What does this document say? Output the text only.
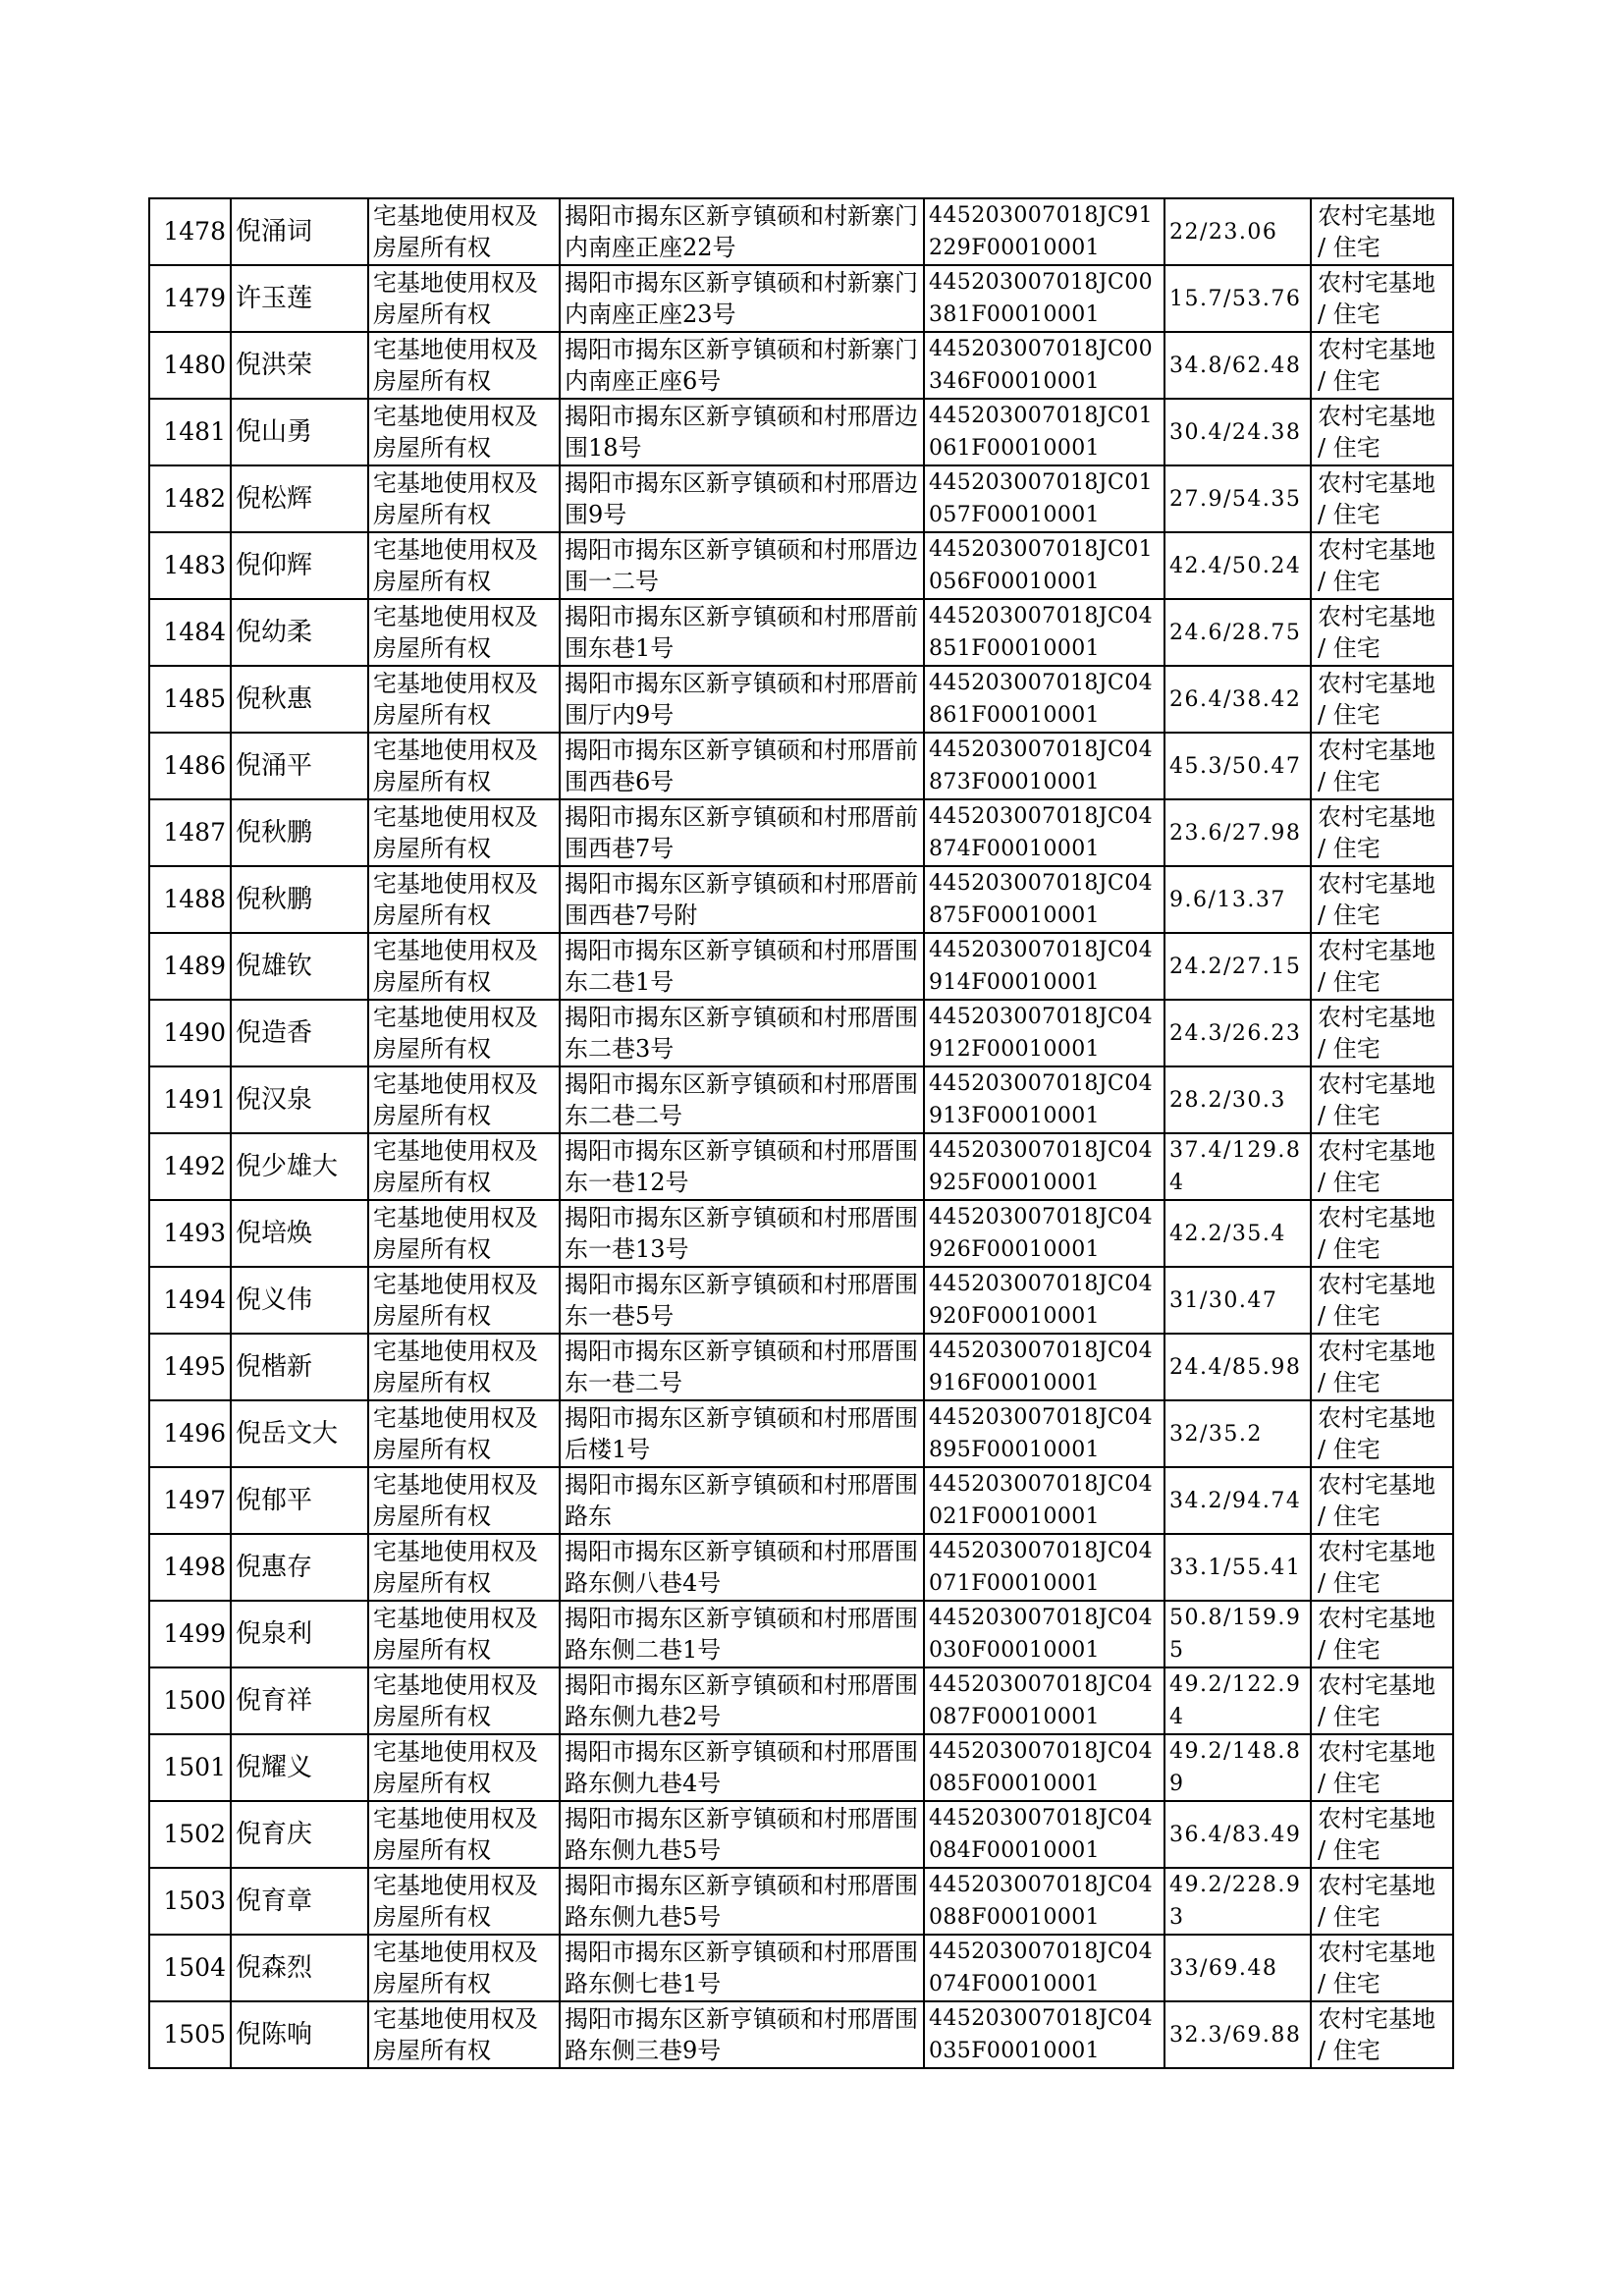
1478	倪涌词	宅基地使用权及房屋所有权	揭阳市揭东区新亨镇硕和村新寨门内南座正座22号	445203007018JC91229F00010001	22/23.06	农村宅基地 / 住宅
1479	许玉莲	宅基地使用权及房屋所有权	揭阳市揭东区新亨镇硕和村新寨门内南座正座23号	445203007018JC00381F00010001	15.7/53.76	农村宅基地 / 住宅
1480	倪洪荣	宅基地使用权及房屋所有权	揭阳市揭东区新亨镇硕和村新寨门内南座正座6号	445203007018JC00346F00010001	34.8/62.48	农村宅基地 / 住宅
1481	倪山勇	宅基地使用权及房屋所有权	揭阳市揭东区新亨镇硕和村邢厝边围18号	445203007018JC01061F00010001	30.4/24.38	农村宅基地 / 住宅
1482	倪松辉	宅基地使用权及房屋所有权	揭阳市揭东区新亨镇硕和村邢厝边围9号	445203007018JC01057F00010001	27.9/54.35	农村宅基地 / 住宅
1483	倪仰辉	宅基地使用权及房屋所有权	揭阳市揭东区新亨镇硕和村邢厝边围一二号	445203007018JC01056F00010001	42.4/50.24	农村宅基地 / 住宅
1484	倪幼柔	宅基地使用权及房屋所有权	揭阳市揭东区新亨镇硕和村邢厝前围东巷1号	445203007018JC04851F00010001	24.6/28.75	农村宅基地 / 住宅
1485	倪秋惠	宅基地使用权及房屋所有权	揭阳市揭东区新亨镇硕和村邢厝前围厅内9号	445203007018JC04861F00010001	26.4/38.42	农村宅基地 / 住宅
1486	倪涌平	宅基地使用权及房屋所有权	揭阳市揭东区新亨镇硕和村邢厝前围西巷6号	445203007018JC04873F00010001	45.3/50.47	农村宅基地 / 住宅
1487	倪秋鹏	宅基地使用权及房屋所有权	揭阳市揭东区新亨镇硕和村邢厝前围西巷7号	445203007018JC04874F00010001	23.6/27.98	农村宅基地 / 住宅
1488	倪秋鹏	宅基地使用权及房屋所有权	揭阳市揭东区新亨镇硕和村邢厝前围西巷7号附	445203007018JC04875F00010001	9.6/13.37	农村宅基地 / 住宅
1489	倪雄钦	宅基地使用权及房屋所有权	揭阳市揭东区新亨镇硕和村邢厝围东二巷1号	445203007018JC04914F00010001	24.2/27.15	农村宅基地 / 住宅
1490	倪造香	宅基地使用权及房屋所有权	揭阳市揭东区新亨镇硕和村邢厝围东二巷3号	445203007018JC04912F00010001	24.3/26.23	农村宅基地 / 住宅
1491	倪汉泉	宅基地使用权及房屋所有权	揭阳市揭东区新亨镇硕和村邢厝围东二巷二号	445203007018JC04913F00010001	28.2/30.3	农村宅基地 / 住宅
1492	倪少雄大	宅基地使用权及房屋所有权	揭阳市揭东区新亨镇硕和村邢厝围东一巷12号	445203007018JC04925F00010001	37.4/129.84	农村宅基地 / 住宅
1493	倪培焕	宅基地使用权及房屋所有权	揭阳市揭东区新亨镇硕和村邢厝围东一巷13号	445203007018JC04926F00010001	42.2/35.4	农村宅基地 / 住宅
1494	倪义伟	宅基地使用权及房屋所有权	揭阳市揭东区新亨镇硕和村邢厝围东一巷5号	445203007018JC04920F00010001	31/30.47	农村宅基地 / 住宅
1495	倪楷新	宅基地使用权及房屋所有权	揭阳市揭东区新亨镇硕和村邢厝围东一巷二号	445203007018JC04916F00010001	24.4/85.98	农村宅基地 / 住宅
1496	倪岳文大	宅基地使用权及房屋所有权	揭阳市揭东区新亨镇硕和村邢厝围后楼1号	445203007018JC04895F00010001	32/35.2	农村宅基地 / 住宅
1497	倪郁平	宅基地使用权及房屋所有权	揭阳市揭东区新亨镇硕和村邢厝围路东	445203007018JC04021F00010001	34.2/94.74	农村宅基地 / 住宅
1498	倪惠存	宅基地使用权及房屋所有权	揭阳市揭东区新亨镇硕和村邢厝围路东侧八巷4号	445203007018JC04071F00010001	33.1/55.41	农村宅基地 / 住宅
1499	倪泉利	宅基地使用权及房屋所有权	揭阳市揭东区新亨镇硕和村邢厝围路东侧二巷1号	445203007018JC04030F00010001	50.8/159.95	农村宅基地 / 住宅
1500	倪育祥	宅基地使用权及房屋所有权	揭阳市揭东区新亨镇硕和村邢厝围路东侧九巷2号	445203007018JC04087F00010001	49.2/122.94	农村宅基地 / 住宅
1501	倪耀义	宅基地使用权及房屋所有权	揭阳市揭东区新亨镇硕和村邢厝围路东侧九巷4号	445203007018JC04085F00010001	49.2/148.89	农村宅基地 / 住宅
1502	倪育庆	宅基地使用权及房屋所有权	揭阳市揭东区新亨镇硕和村邢厝围路东侧九巷5号	445203007018JC04084F00010001	36.4/83.49	农村宅基地 / 住宅
1503	倪育章	宅基地使用权及房屋所有权	揭阳市揭东区新亨镇硕和村邢厝围路东侧九巷5号	445203007018JC04088F00010001	49.2/228.93	农村宅基地 / 住宅
1504	倪森烈	宅基地使用权及房屋所有权	揭阳市揭东区新亨镇硕和村邢厝围路东侧七巷1号	445203007018JC04074F00010001	33/69.48	农村宅基地 / 住宅
1505	倪陈响	宅基地使用权及房屋所有权	揭阳市揭东区新亨镇硕和村邢厝围路东侧三巷9号	445203007018JC04035F00010001	32.3/69.88	农村宅基地 / 住宅
